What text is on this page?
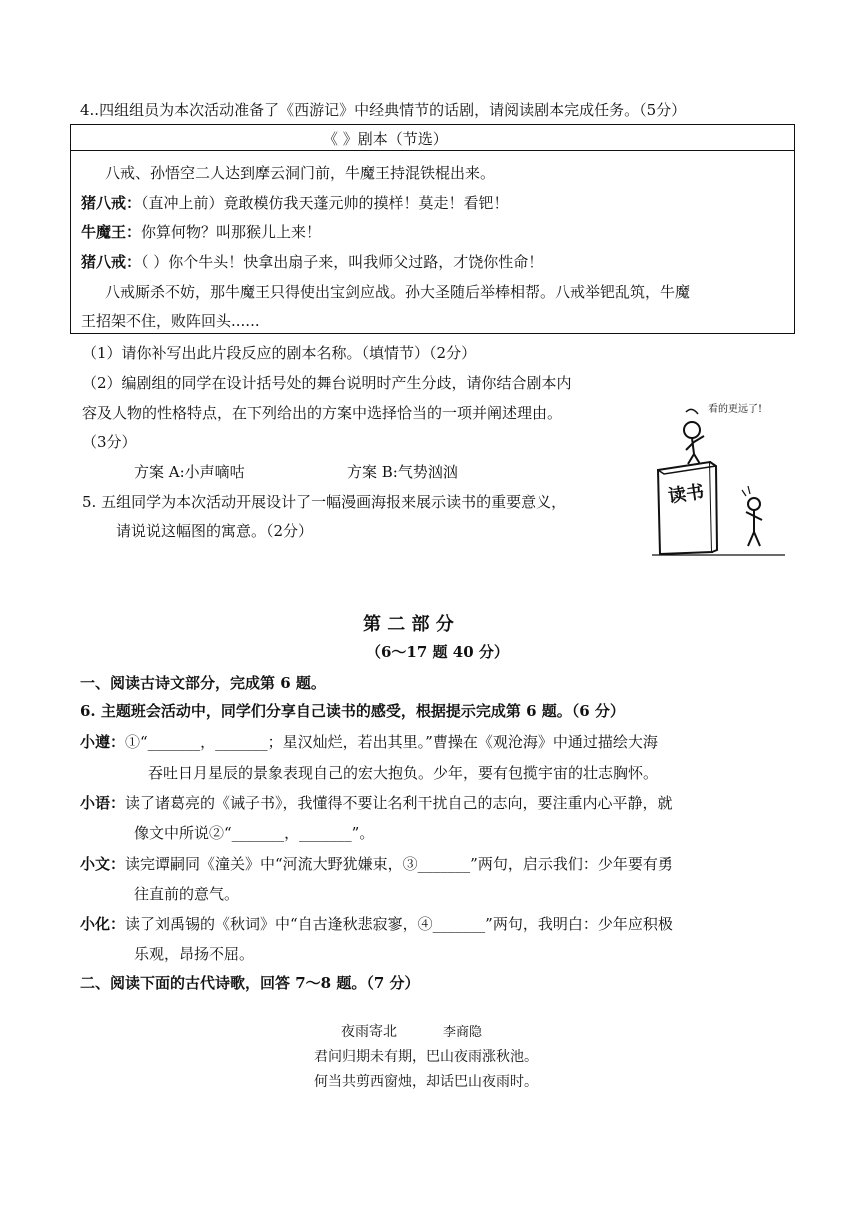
4..四组组员为本次活动准备了《西游记》中经典情节的话剧，请阅读剧本完成任务。（5分）
《 》剧本（节选）
八戒、孙悟空二人达到摩云洞门前，牛魔王持混铁棍出来。
猪八戒：（直冲上前）竟敢模仿我天蓬元帅的摸样！莫走！看钯！
牛魔王：你算何物？叫那猴儿上来！
猪八戒：（ ）你个牛头！快拿出扇子来，叫我师父过路，才饶你性命！
八戒厮杀不妨，那牛魔王只得使出宝剑应战。孙大圣随后举棒相帮。八戒举钯乱筑，牛魔
王招架不住，败阵回头......
（1）请你补写出此片段反应的剧本名称。（填情节）（2分）
（2）编剧组的同学在设计括号处的舞台说明时产生分歧，请你结合剧本内
容及人物的性格特点，在下列给出的方案中选择恰当的一项并阐述理由。
（3分）
方案 A:小声嘀咕	方案 B:气势汹汹
5. 五组同学为本次活动开展设计了一幅漫画海报来展示读书的重要意义，
请说说这幅图的寓意。（2分）
看的更远了!
读书
第 二 部 分
（6～17 题 40 分）
一、阅读古诗文部分，完成第 6 题。
6. 主题班会活动中，同学们分享自己读书的感受，根据提示完成第 6 题。（6 分）
小遵：①“_______，_______；星汉灿烂，若出其里。”曹操在《观沧海》中通过描绘大海
吞吐日月星辰的景象表现自己的宏大抱负。少年，要有包揽宇宙的壮志胸怀。
小语：读了诸葛亮的《诫子书》，我懂得不要让名利干扰自己的志向，要注重内心平静，就
像文中所说②“_______，_______”。
小文：读完谭嗣同《潼关》中“河流大野犹嫌束，③_______”两句，启示我们：少年要有勇
往直前的意气。
小化：读了刘禹锡的《秋词》中“自古逢秋悲寂寥，④_______”两句，我明白：少年应积极
乐观，昂扬不屈。
二、阅读下面的古代诗歌，回答 7～8 题。（7 分）
夜雨寄北	李商隐
君问归期未有期，巴山夜雨涨秋池。
何当共剪西窗烛，却话巴山夜雨时。
